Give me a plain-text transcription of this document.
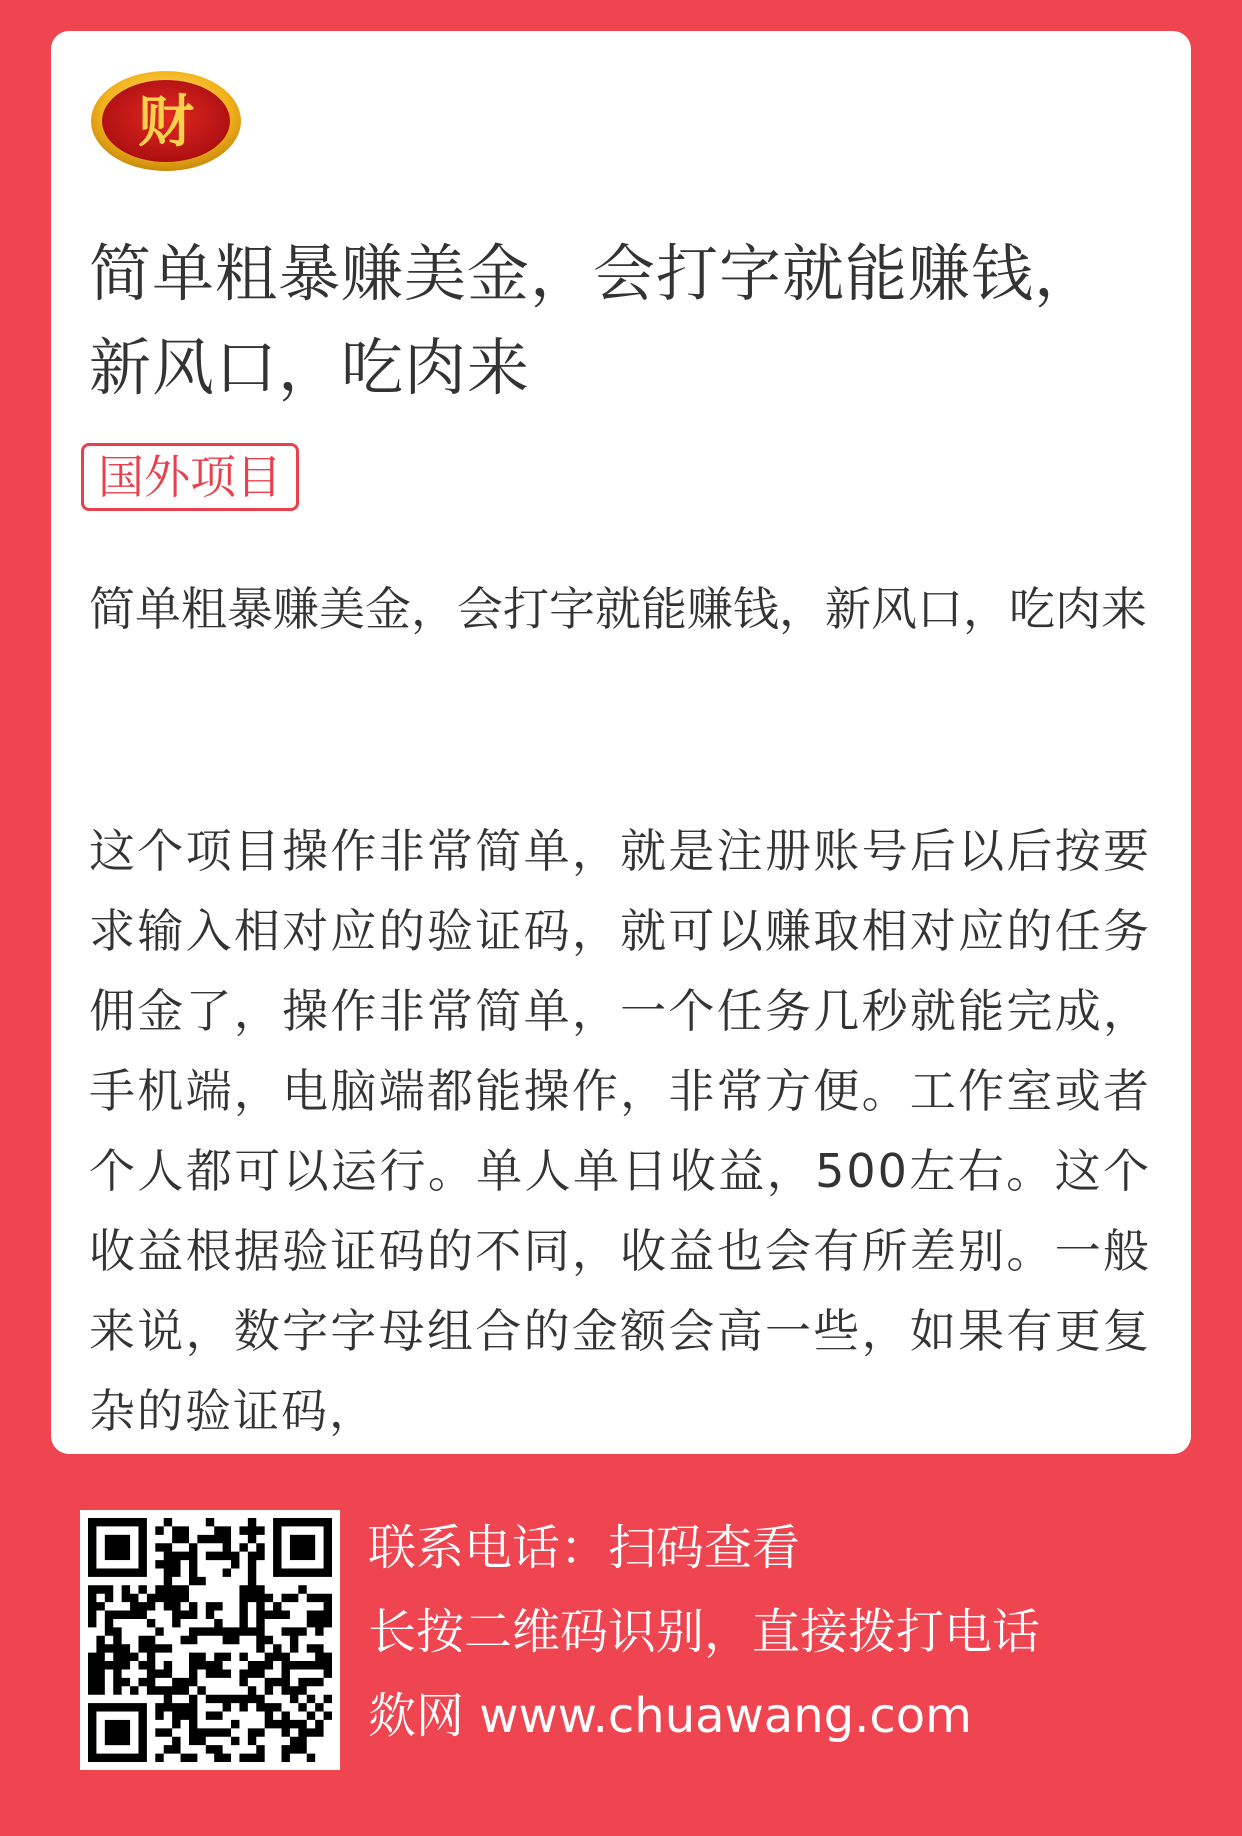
财
简单粗暴赚美金，会打字就能赚钱，新风口，吃肉来
国外项目

简单粗暴赚美金，会打字就能赚钱，新风口，吃肉来

这个项目操作非常简单，就是注册账号后以后按要求输入相对应的验证码，就可以赚取相对应的任务佣金了，操作非常简单，一个任务几秒就能完成，手机端，电脑端都能操作，非常方便。工作室或者个人都可以运行。单人单日收益，500左右。这个收益根据验证码的不同，收益也会有所差别。一般来说，数字字母组合的金额会高一些，如果有更复杂的验证码，

联系电话：扫码查看
长按二维码识别，直接拨打电话
欻网 www.chuawang.com
